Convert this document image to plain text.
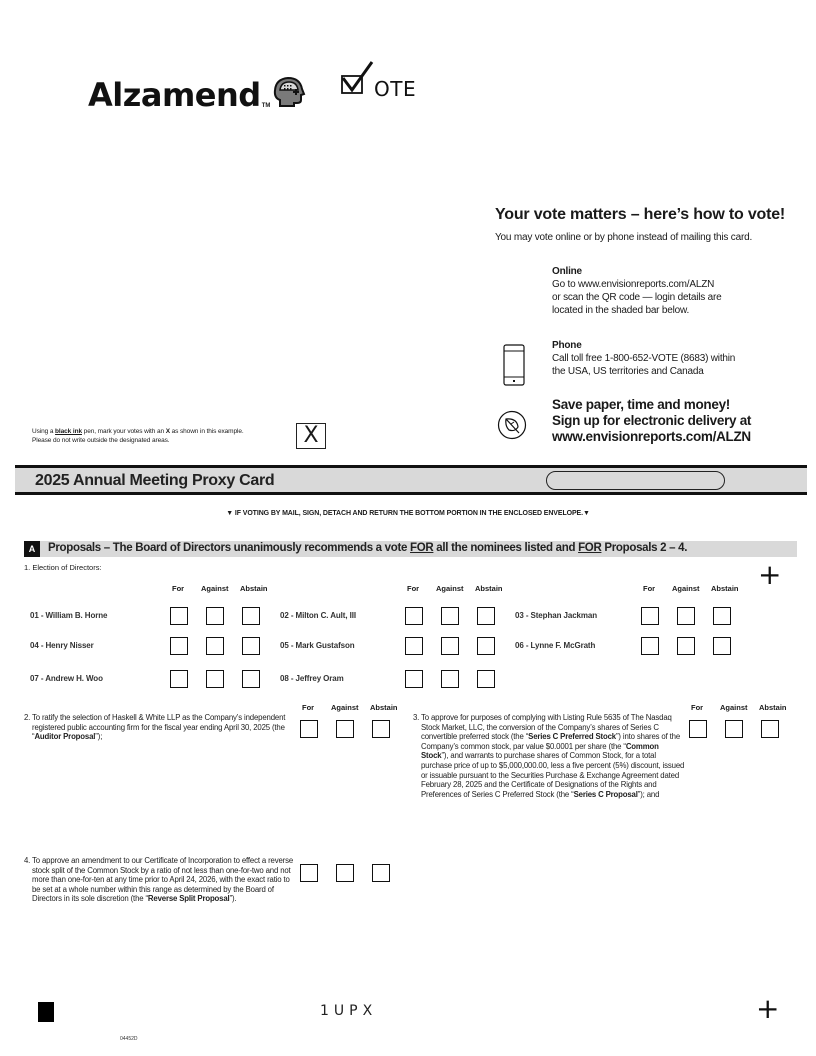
Alzamend TM
OTE
Your vote matters – here’s how to vote!
You may vote online or by phone instead of mailing this card.
Online
Go to www.envisionreports.com/ALZN
or scan the QR code — login details are
located in the shaded bar below.
Phone
Call toll free 1-800-652-VOTE (8683) within
the USA, US territories and Canada
Save paper, time and money!
Sign up for electronic delivery at
www.envisionreports.com/ALZN
Using a black ink pen, mark your votes with an X as shown in this example.
Please do not write outside the designated areas.	X
2025 Annual Meeting Proxy Card
▼ IF VOTING BY MAIL, SIGN, DETACH AND RETURN THE BOTTOM PORTION IN THE ENCLOSED ENVELOPE.▼
A	Proposals – The Board of Directors unanimously recommends a vote FOR all the nominees listed and FOR Proposals 2 – 4.
1. Election of Directors:	+
For Against Abstain	For Against Abstain	For Against Abstain
01 - William B. Horne	02 - Milton C. Ault, III	03 - Stephan Jackman
04 - Henry Nisser	05 - Mark Gustafson	06 - Lynne F. McGrath
07 - Andrew H. Woo	08 - Jeffrey Oram
2. To ratify the selection of Haskell & White LLP as the Company’s independent registered public accounting firm for the fiscal year ending April 30, 2025 (the “Auditor Proposal”);
For Against Abstain
3. To approve for purposes of complying with Listing Rule 5635 of The Nasdaq Stock Market, LLC, the conversion of the Company’s shares of Series C convertible preferred stock (the “Series C Preferred Stock”) into shares of the Company’s common stock, par value $0.0001 per share (the “Common Stock”), and warrants to purchase shares of Common Stock, for a total purchase price of up to $5,000,000.00, less a five percent (5%) discount, issued or issuable pursuant to the Securities Purchase & Exchange Agreement dated February 28, 2025 and the Certificate of Designations of the Rights and Preferences of Series C Preferred Stock (the “Series C Proposal”); and
For Against Abstain
4. To approve an amendment to our Certificate of Incorporation to effect a reverse stock split of the Common Stock by a ratio of not less than one-for-two and not more than one-for-ten at any time prior to April 24, 2026, with the exact ratio to be set at a whole number within this range as determined by the Board of Directors in its sole discretion (the “Reverse Split Proposal”).
1UPX	+
04452D
